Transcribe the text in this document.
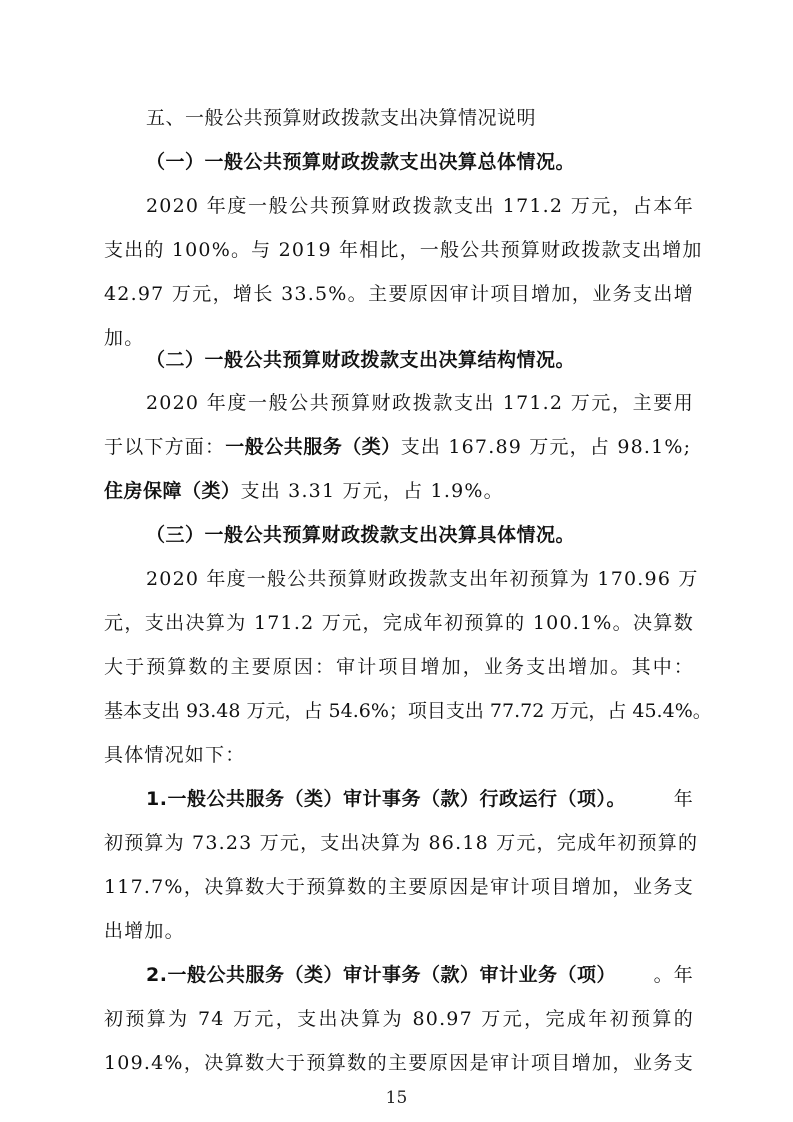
五、一般公共预算财政拨款支出决算情况说明
（一）一般公共预算财政拨款支出决算总体情况。
2020 年度一般公共预算财政拨款支出 171.2 万元，占本年
支出的 100%。与 2019 年相比，一般公共预算财政拨款支出增加
42.97 万元，增长 33.5%。主要原因审计项目增加，业务支出增
加。
（二）一般公共预算财政拨款支出决算结构情况。
2020 年度一般公共预算财政拨款支出 171.2 万元，主要用
于以下方面：一般公共服务（类）支出 167.89 万元，占 98.1%;
住房保障（类）支出 3.31 万元，占 1.9%。
（三）一般公共预算财政拨款支出决算具体情况。
2020 年度一般公共预算财政拨款支出年初预算为 170.96 万
元，支出决算为 171.2 万元，完成年初预算的 100.1%。决算数
大于预算数的主要原因：审计项目增加，业务支出增加。其中：
基本支出 93.48 万元，占 54.6%；项目支出 77.72 万元，占 45.4%。
具体情况如下：
1.一般公共服务（类）审计事务（款）行政运行（项）。	年
初预算为 73.23 万元，支出决算为 86.18 万元，完成年初预算的
117.7%，决算数大于预算数的主要原因是审计项目增加，业务支
出增加。
2.一般公共服务（类）审计事务（款）审计业务（项） 。年
初预算为 74 万元，支出决算为 80.97 万元，完成年初预算的
109.4%，决算数大于预算数的主要原因是审计项目增加，业务支
15
